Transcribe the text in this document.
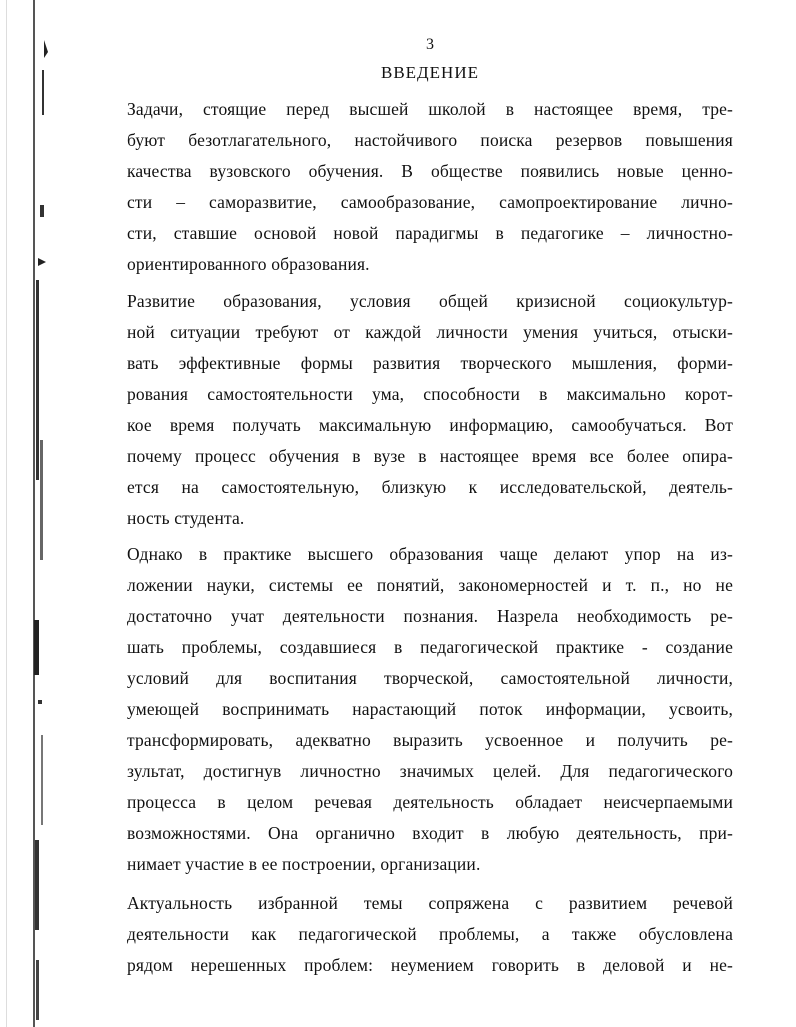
3
ВВЕДЕНИЕ
Задачи, стоящие перед высшей школой в настоящее время, тре-
буют безотлагательного, настойчивого поиска резервов повышения
качества вузовского обучения. В обществе появились новые ценно-
сти – саморазвитие, самообразование, самопроектирование лично-
сти, ставшие основой новой парадигмы в педагогике – личностно-
ориентированного образования.
Развитие образования, условия общей кризисной социокультур-
ной ситуации требуют от каждой личности умения учиться, отыски-
вать эффективные формы развития творческого мышления, форми-
рования самостоятельности ума, способности в максимально корот-
кое время получать максимальную информацию, самообучаться. Вот
почему процесс обучения в вузе в настоящее время все более опира-
ется на самостоятельную, близкую к исследовательской, деятель-
ность студента.
Однако в практике высшего образования чаще делают упор на из-
ложении науки, системы ее понятий, закономерностей и т. п., но не
достаточно учат деятельности познания. Назрела необходимость ре-
шать проблемы, создавшиеся в педагогической практике - создание
условий для воспитания творческой, самостоятельной личности,
умеющей воспринимать нарастающий поток информации, усвоить,
трансформировать, адекватно выразить усвоенное и получить ре-
зультат, достигнув личностно значимых целей. Для педагогического
процесса в целом речевая деятельность обладает неисчерпаемыми
возможностями. Она органично входит в любую деятельность, при-
нимает участие в ее построении, организации.
Актуальность избранной темы сопряжена с развитием речевой
деятельности как педагогической проблемы, а также обусловлена
рядом нерешенных проблем: неумением говорить в деловой и не-
